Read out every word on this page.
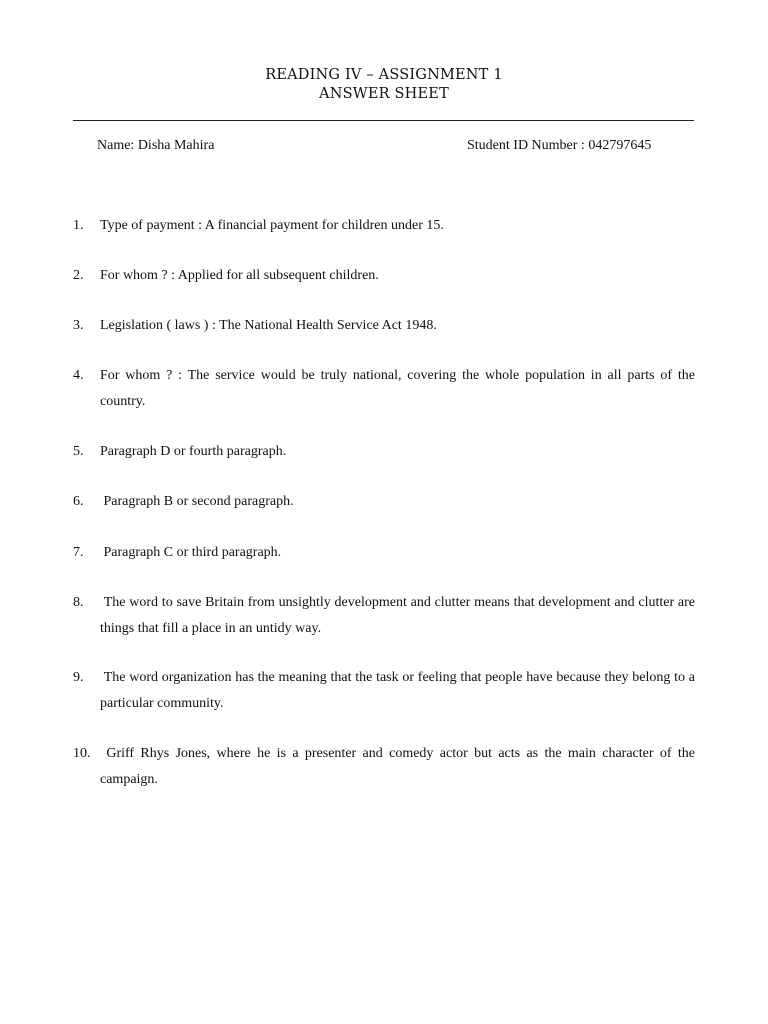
READING IV – ASSIGNMENT 1
ANSWER SHEET
Name: Disha Mahira	Student ID Number : 042797645
1.	Type of payment : A financial payment for children under 15.
2.	For whom ? : Applied for all subsequent children.
3.	Legislation ( laws ) : The National Health Service Act 1948.
4.	For whom ? : The service would be truly national, covering the whole population in all parts of the country.
5.	Paragraph D or fourth paragraph.
6.	Paragraph B or second paragraph.
7.	Paragraph C or third paragraph.
8.	The word to save Britain from unsightly development and clutter means that development and clutter are things that fill a place in an untidy way.
9.	The word organization has the meaning that the task or feeling that people have because they belong to a particular community.
10. Griff Rhys Jones, where he is a presenter and comedy actor but acts as the main character of the campaign.
